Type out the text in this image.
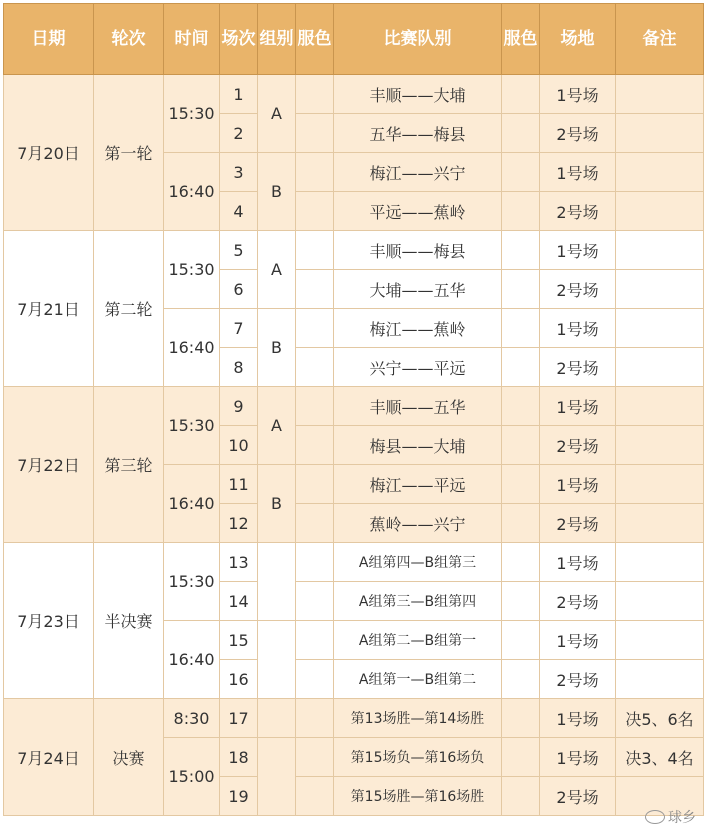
日期	轮次	时间	场次	组别	服色	比赛队别	服色	场地	备注
7月20日	第一轮	15:30	1	A		丰顺——大埔		1号场	
			2			五华——梅县		2号场	
		16:40	3	B		梅江——兴宁		1号场	
			4			平远——蕉岭		2号场	
7月21日	第二轮	15:30	5	A		丰顺——梅县		1号场	
			6			大埔——五华		2号场	
		16:40	7	B		梅江——蕉岭		1号场	
			8			兴宁——平远		2号场	
7月22日	第三轮	15:30	9	A		丰顺——五华		1号场	
			10			梅县——大埔		2号场	
		16:40	11	B		梅江——平远		1号场	
			12			蕉岭——兴宁		2号场	
7月23日	半决赛	15:30	13			A组第四—B组第三		1号场	
			14			A组第三—B组第四		2号场	
		16:40	15			A组第二—B组第一		1号场	
			16			A组第一—B组第二		2号场	
7月24日	决赛	8:30	17			第13场胜—第14场胜		1号场	决5、6名
		15:00	18			第15场负—第16场负		1号场	决3、4名
			19			第15场胜—第16场胜		2号场	
球乡
